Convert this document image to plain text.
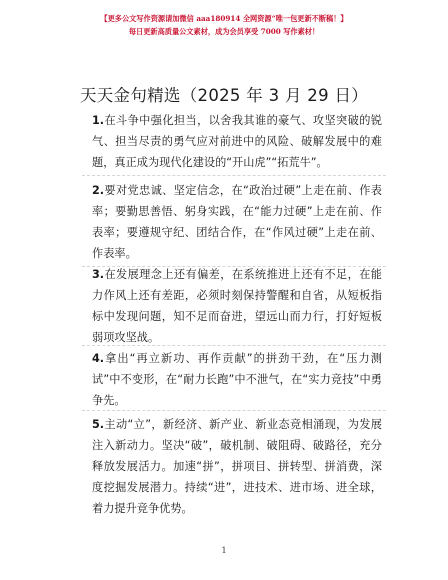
【更多公文写作资源请加微信 aaa180914 全网资源“唯一包更新不断稿！】
每日更新高质量公文素材，成为会员享受 7000 写作素材！
天天金句精选（2025 年 3 月 29 日）
1.在斗争中强化担当，以舍我其谁的豪气、攻坚突破的锐气、担当尽责的勇气应对前进中的风险、破解发展中的难题，真正成为现代化建设的“开山虎”“拓荒牛”。
2.要对党忠诚、坚定信念，在“政治过硬”上走在前、作表率；要勤思善悟、躬身实践，在“能力过硬”上走在前、作表率；要遵规守纪、团结合作，在“作风过硬”上走在前、作表率。
3.在发展理念上还有偏差，在系统推进上还有不足，在能力作风上还有差距，必须时刻保持警醒和自省，从短板指标中发现问题，知不足而奋进，望远山而力行，打好短板弱项攻坚战。
4.拿出“再立新功、再作贡献”的拼劲干劲，在“压力测试”中不变形，在“耐力长跑”中不泄气，在“实力竞技”中勇争先。
5.主动“立”，新经济、新产业、新业态竞相涌现，为发展注入新动力。坚决“破”，破机制、破阻碍、破路径，充分释放发展活力。加速“拼”，拼项目、拼转型、拼消费，深度挖掘发展潜力。持续“进”，进技术、进市场、进全球，着力提升竞争优势。
1
